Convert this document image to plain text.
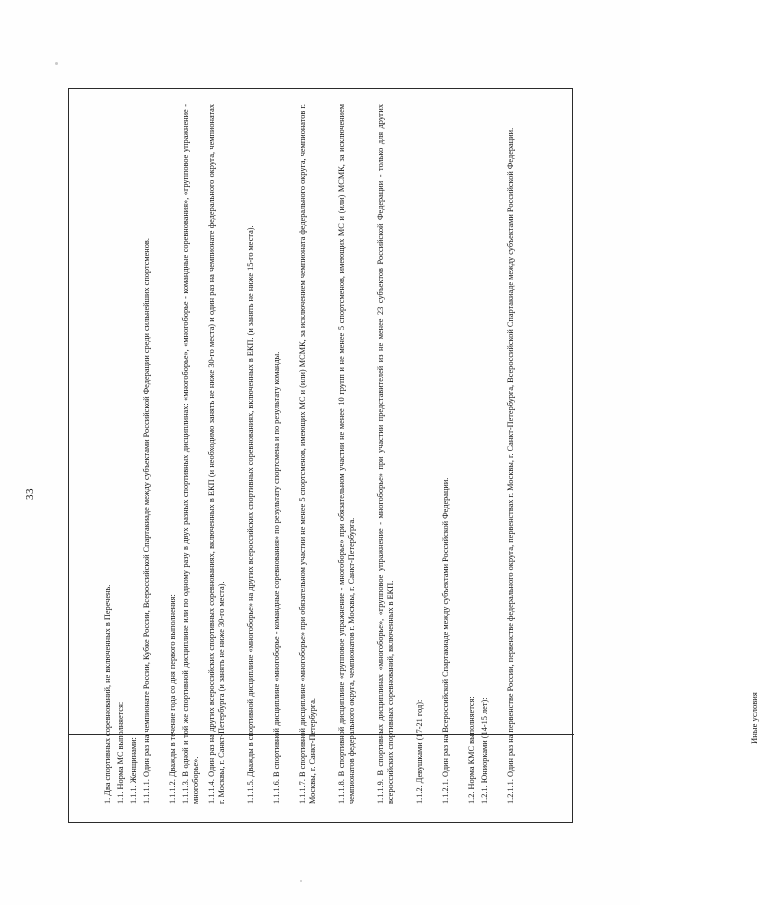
33
Иные условия
1. Два спортивных соревнований, не включенных в Перечень. 1.1. Норма МС выполняется: 1.1.1. Женщинами: 1.1.1.1. Один раз на чемпионате России, Кубке России, Всероссийской Спартакиаде между субъектами Российской Федерации среди сильнейших спортсменов. 1.1.1.2. Дважды в течение года со дня первого выполнения: 1.1.1.3. В одной и той же спортивной дисциплине или по одному разу в двух разных спортивных дисциплинах: «многоборье», «многоборье - командные соревнования», «групповое упражнение - многоборье». 1.1.1.4. Один раз на других всероссийских спортивных соревнованиях, включенных в ЕКП (и необходимо занять не ниже 30-го места) и один раз на чемпионате федерального округа, чемпионатах г. Москвы, г. Санкт-Петербурга (и занять не ниже 30-го места). 1.1.1.5. Дважды в спортивной дисциплине «многоборье» на других всероссийских спортивных соревнованиях, включенных в ЕКП. (и занять не ниже 15-го места). 1.1.1.6. В спортивной дисциплине «многоборье - командные соревнования» по результату спортсмена и по результату команды. 1.1.1.7. В спортивной дисциплине «многоборье» при обязательном участии не менее 5 спортсменов, имеющих МС и (или) МСМК, за исключением чемпионата федерального округа, чемпионатов г. Москвы, г. Санкт-Петербурга. 1.1.1.8. В спортивной дисциплине «групповое упражнение - многоборье» при обязательном участии не менее 10 групп и не менее 5 спортсменов, имеющих МС и (или) МСМК, за исключением чемпионатов федерального округа, чемпионатов г. Москвы, г. Санкт-Петербурга. 1.1.1.9. В спортивных дисциплинах «многоборье», «групповое упражнение - многоборье» при участии представителей из не менее 23 субъектов Российской Федерации - только для других всероссийских спортивных соревнований, включенных в ЕКП. 1.1.2. Девушками (17-21 год): 1.1.2.1. Один раз на Всероссийской Спартакиаде между субъектами Российской Федерации. 1.2. Норма КМС выполняется: 1.2.1. Юниорками (14-15 лет): 1.2.1.1. Один раз на первенстве России, первенстве федерального округа, первенствах г. Москвы, г. Санкт-Петербурга, Всероссийской Спартакиаде между субъектами Российской Федерации.
